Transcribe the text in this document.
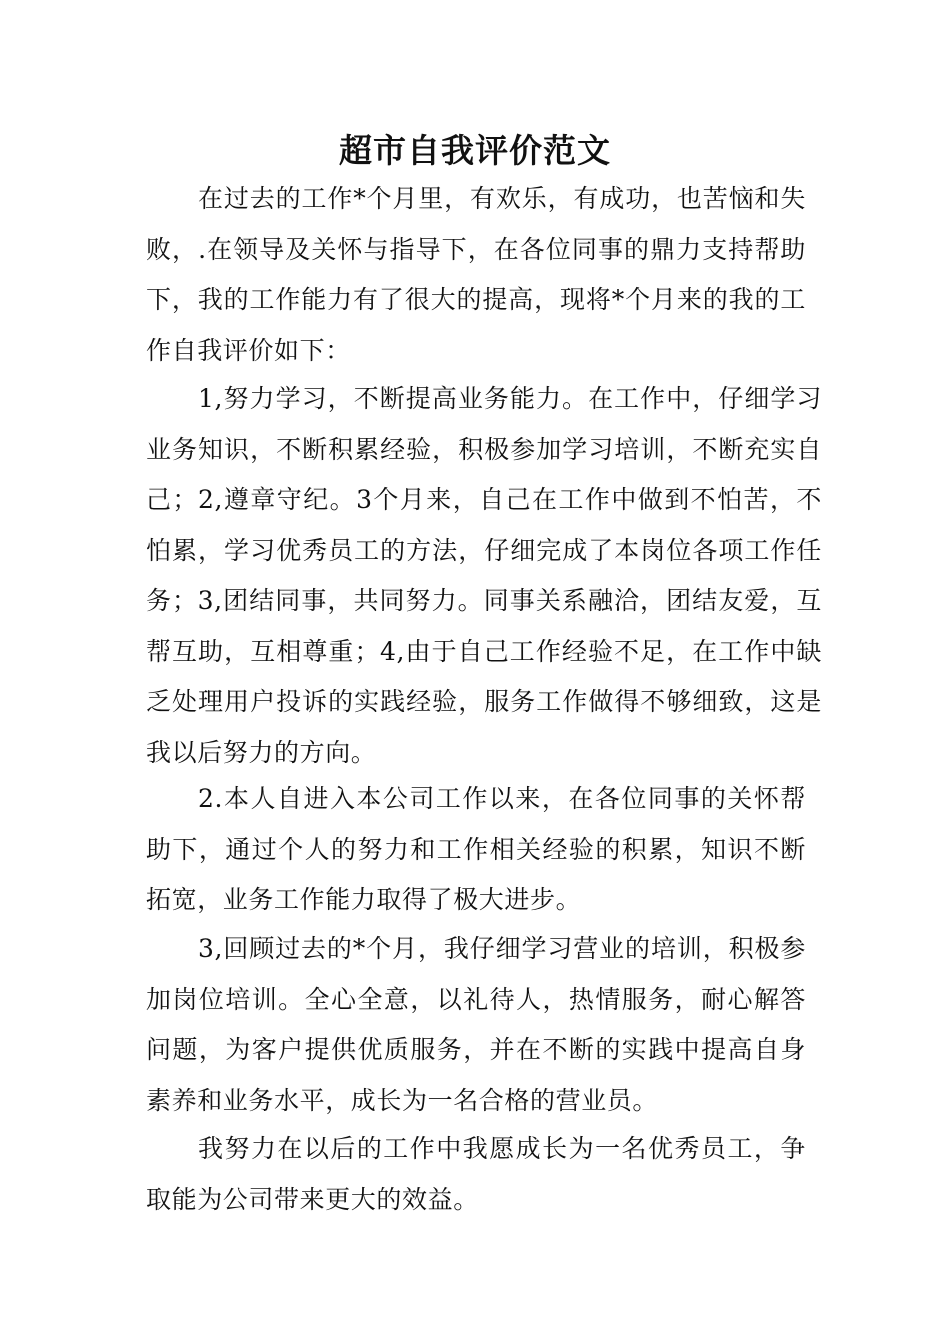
超市自我评价范文

在过去的工作*个月里，有欢乐，有成功，也苦恼和失败，.在领导及关怀与指导下，在各位同事的鼎力支持帮助下，我的工作能力有了很大的提高，现将*个月来的我的工作自我评价如下：

1,努力学习，不断提高业务能力。在工作中，仔细学习业务知识，不断积累经验，积极参加学习培训，不断充实自己；2,遵章守纪。3个月来，自己在工作中做到不怕苦，不怕累，学习优秀员工的方法，仔细完成了本岗位各项工作任务；3,团结同事，共同努力。同事关系融洽，团结友爱，互帮互助，互相尊重；4,由于自己工作经验不足，在工作中缺乏处理用户投诉的实践经验，服务工作做得不够细致，这是我以后努力的方向。

2.本人自进入本公司工作以来，在各位同事的关怀帮助下，通过个人的努力和工作相关经验的积累，知识不断拓宽，业务工作能力取得了极大进步。

3,回顾过去的*个月，我仔细学习营业的培训，积极参加岗位培训。全心全意，以礼待人，热情服务，耐心解答问题，为客户提供优质服务，并在不断的实践中提高自身素养和业务水平，成长为一名合格的营业员。

我努力在以后的工作中我愿成长为一名优秀员工，争取能为公司带来更大的效益。
